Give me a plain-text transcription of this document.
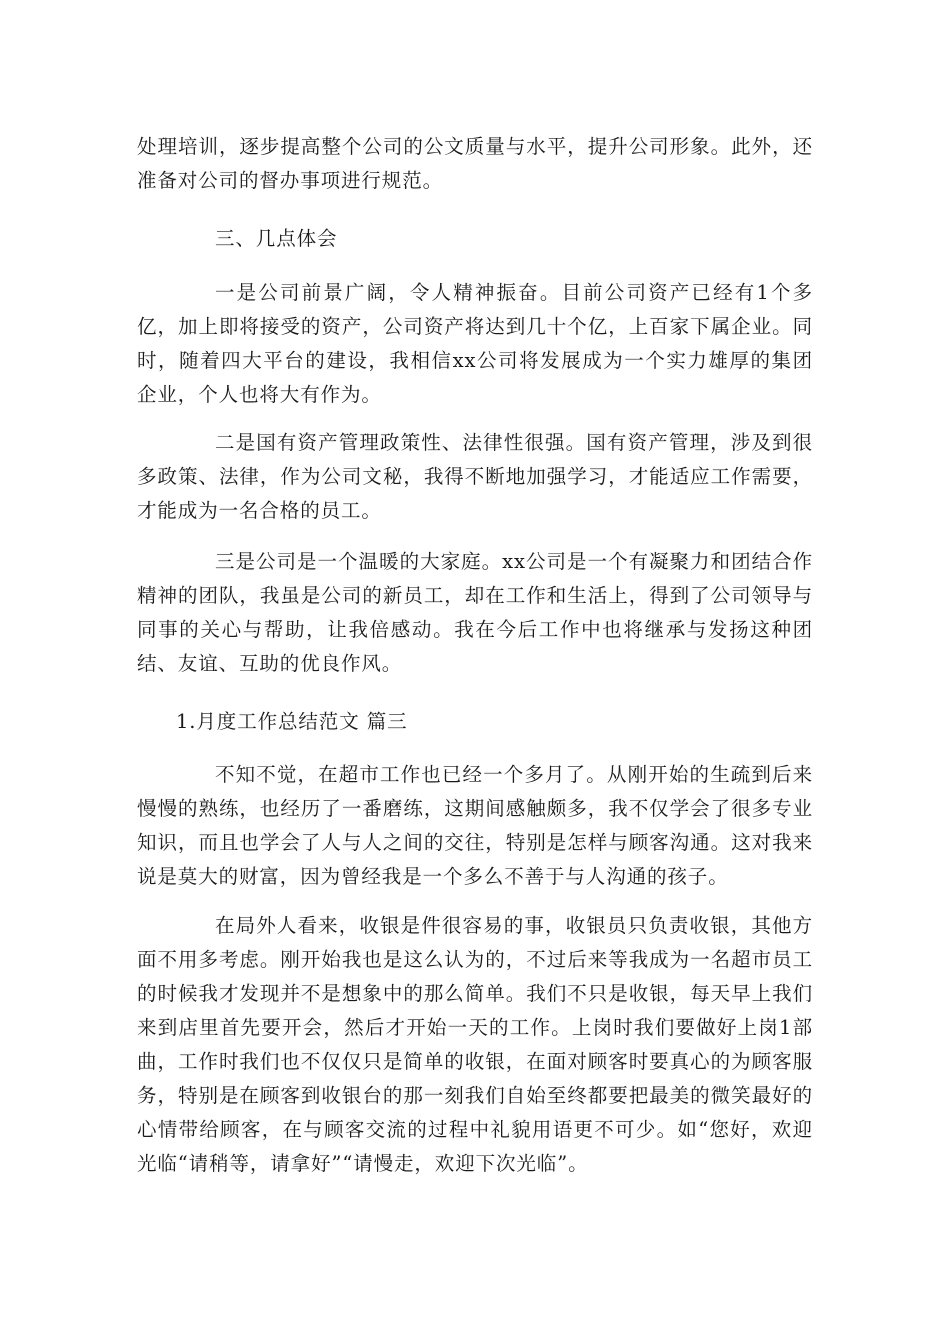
处理培训，逐步提高整个公司的公文质量与水平，提升公司形象。此外，还准备对公司的督办事项进行规范。

三、几点体会

一是公司前景广阔，令人精神振奋。目前公司资产已经有1个多亿，加上即将接受的资产，公司资产将达到几十个亿，上百家下属企业。同时，随着四大平台的建设，我相信xx公司将发展成为一个实力雄厚的集团企业，个人也将大有作为。

二是国有资产管理政策性、法律性很强。国有资产管理，涉及到很多政策、法律，作为公司文秘，我得不断地加强学习，才能适应工作需要，才能成为一名合格的员工。

三是公司是一个温暖的大家庭。xx公司是一个有凝聚力和团结合作精神的团队，我虽是公司的新员工，却在工作和生活上，得到了公司领导与同事的关心与帮助，让我倍感动。我在今后工作中也将继承与发扬这种团结、友谊、互助的优良作风。

1.月度工作总结范文 篇三

不知不觉，在超市工作也已经一个多月了。从刚开始的生疏到后来慢慢的熟练，也经历了一番磨练，这期间感触颇多，我不仅学会了很多专业知识，而且也学会了人与人之间的交往，特别是怎样与顾客沟通。这对我来说是莫大的财富，因为曾经我是一个多么不善于与人沟通的孩子。

在局外人看来，收银是件很容易的事，收银员只负责收银，其他方面不用多考虑。刚开始我也是这么认为的，不过后来等我成为一名超市员工的时候我才发现并不是想象中的那么简单。我们不只是收银，每天早上我们来到店里首先要开会，然后才开始一天的工作。上岗时我们要做好上岗1部曲，工作时我们也不仅仅只是简单的收银，在面对顾客时要真心的为顾客服务，特别是在顾客到收银台的那一刻我们自始至终都要把最美的微笑最好的心情带给顾客，在与顾客交流的过程中礼貌用语更不可少。如“您好，欢迎光临“请稍等，请拿好”“请慢走，欢迎下次光临”。
